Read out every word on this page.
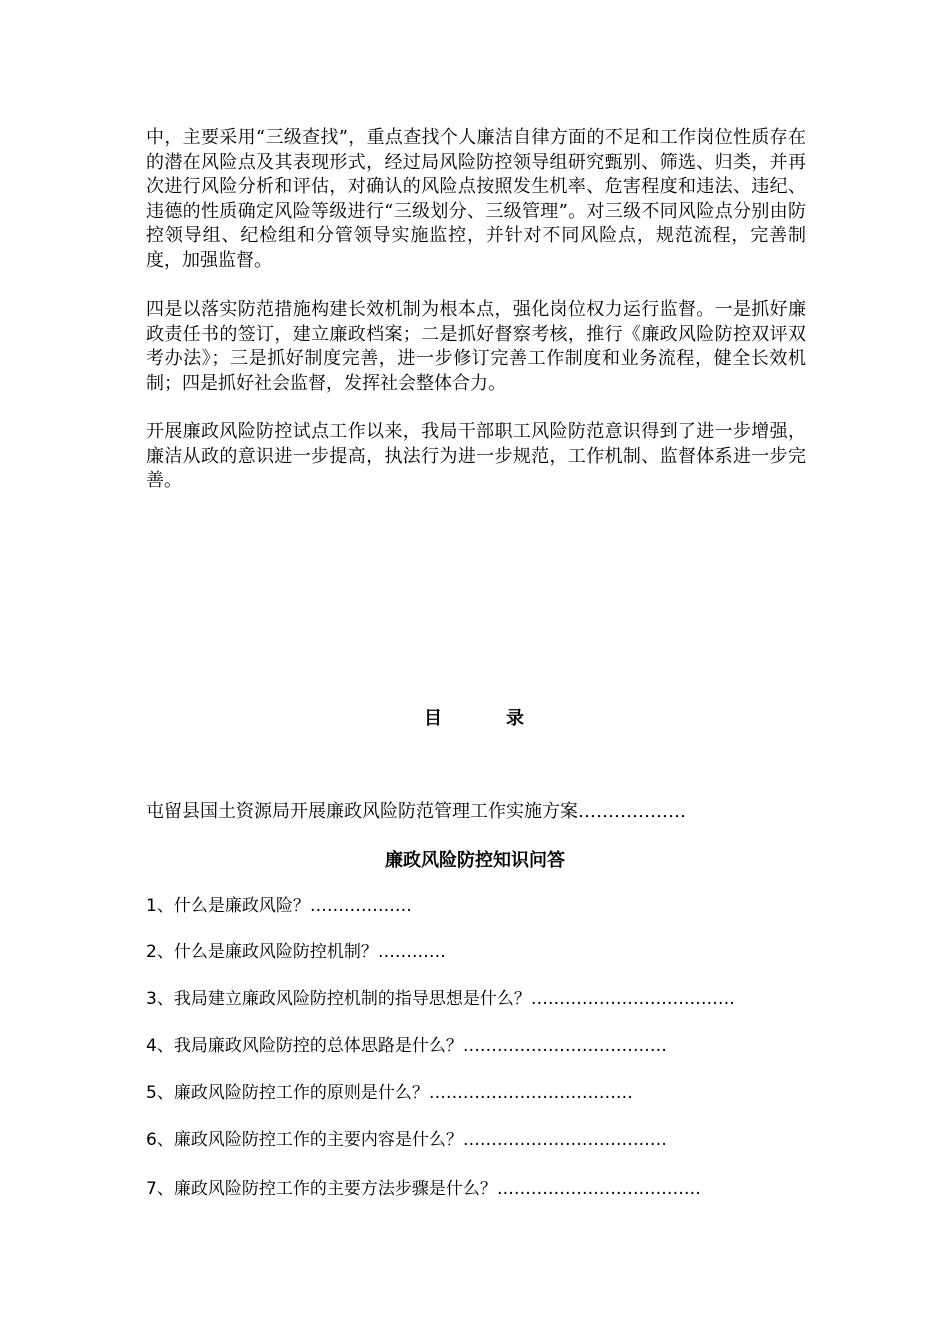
中，主要采用“三级查找”，重点查找个人廉洁自律方面的不足和工作岗位性质存在的潜在风险点及其表现形式，经过局风险防控领导组研究甄别、筛选、归类，并再次进行风险分析和评估，对确认的风险点按照发生机率、危害程度和违法、违纪、违德的性质确定风险等级进行“三级划分、三级管理”。对三级不同风险点分别由防控领导组、纪检组和分管领导实施监控，并针对不同风险点，规范流程，完善制度，加强监督。

四是以落实防范措施构建长效机制为根本点，强化岗位权力运行监督。一是抓好廉政责任书的签订，建立廉政档案；二是抓好督察考核，推行《廉政风险防控双评双考办法》；三是抓好制度完善，进一步修订完善工作制度和业务流程，健全长效机制；四是抓好社会监督，发挥社会整体合力。

开展廉政风险防控试点工作以来，我局干部职工风险防范意识得到了进一步增强，廉洁从政的意识进一步提高，执法行为进一步规范，工作机制、监督体系进一步完善。

目	录
屯留县国土资源局开展廉政风险防范管理工作实施方案………………

廉政风险防控知识问答

1、什么是廉政风险？………………
2、什么是廉政风险防控机制？…………
3、我局建立廉政风险防控机制的指导思想是什么？………………………………
4、我局廉政风险防控的总体思路是什么？………………………………
5、廉政风险防控工作的原则是什么？………………………………
6、廉政风险防控工作的主要内容是什么？………………………………
7、廉政风险防控工作的主要方法步骤是什么？………………………………
